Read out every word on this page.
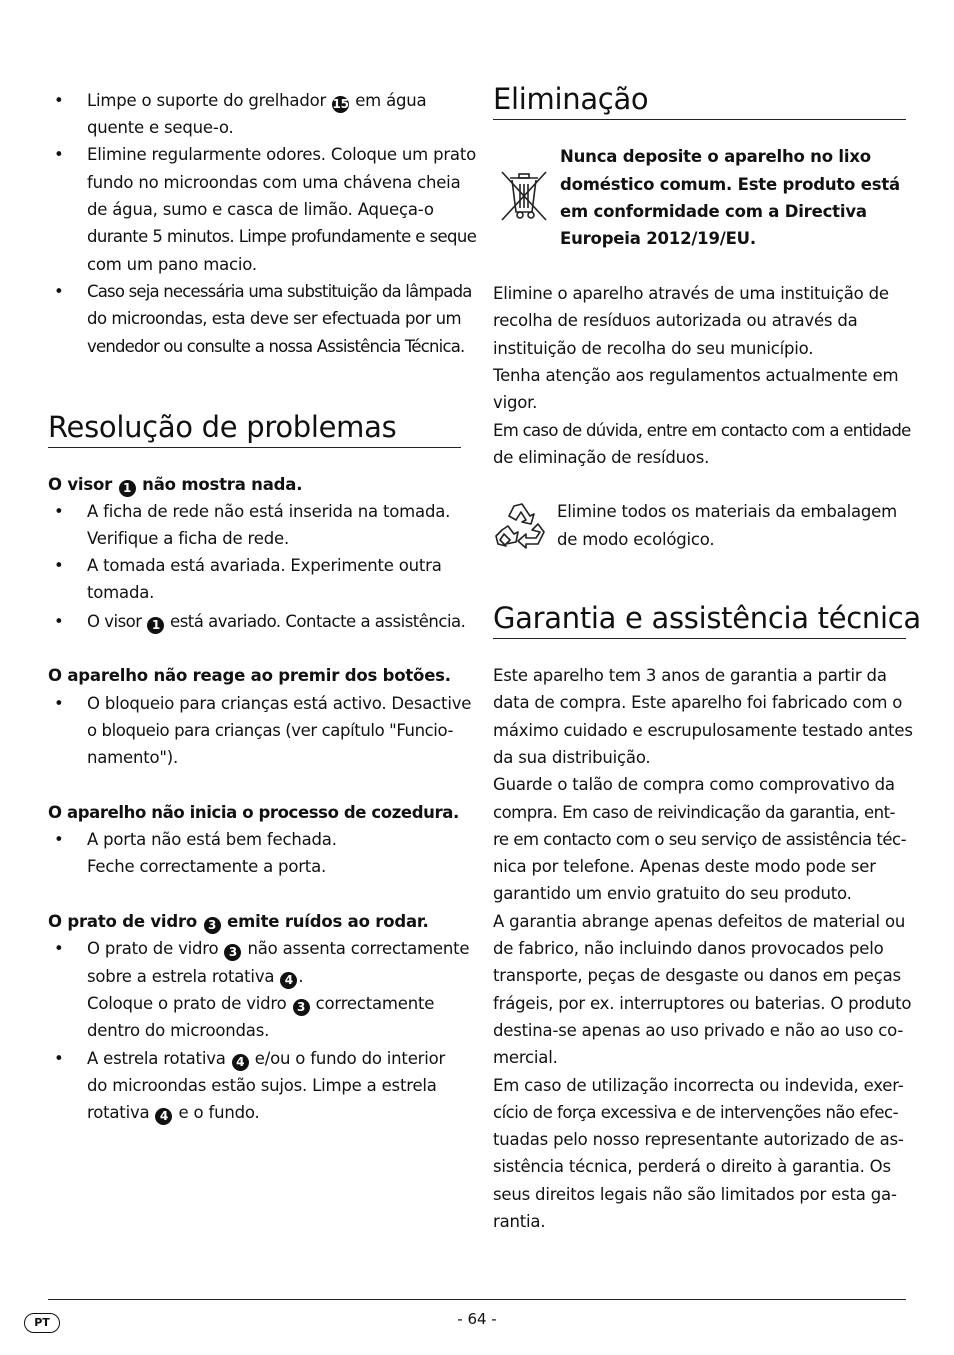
• Limpe o suporte do grelhador 15 em água
quente e seque-o.
• Elimine regularmente odores. Coloque um prato
fundo no microondas com uma chávena cheia
de água, sumo e casca de limão. Aqueça-o
durante 5 minutos. Limpe profundamente e seque
com um pano macio.
• Caso seja necessária uma substituição da lâmpada
do microondas, esta deve ser efectuada por um
vendedor ou consulte a nossa Assistência Técnica.
Resolução de problemas
O visor 1 não mostra nada.
• A ficha de rede não está inserida na tomada.
Verifique a ficha de rede.
• A tomada está avariada. Experimente outra
tomada.
• O visor 1 está avariado. Contacte a assistência.
O aparelho não reage ao premir dos botões.
• O bloqueio para crianças está activo. Desactive
o bloqueio para crianças (ver capítulo "Funcio-
namento").
O aparelho não inicia o processo de cozedura.
• A porta não está bem fechada.
Feche correctamente a porta.
O prato de vidro 3 emite ruídos ao rodar.
• O prato de vidro 3 não assenta correctamente
sobre a estrela rotativa 4 .
Coloque o prato de vidro 3 correctamente
dentro do microondas.
• A estrela rotativa 4 e/ou o fundo do interior
do microondas estão sujos. Limpe a estrela
rotativa 4 e o fundo.
Eliminação
Nunca deposite o aparelho no lixo
doméstico comum. Este produto está
em conformidade com a Directiva
Europeia 2012/19/EU.
Elimine o aparelho através de uma instituição de
recolha de resíduos autorizada ou através da
instituição de recolha do seu município.
Tenha atenção aos regulamentos actualmente em
vigor.
Em caso de dúvida, entre em contacto com a entidade
de eliminação de resíduos.
Elimine todos os materiais da embalagem
de modo ecológico.
Garantia e assistência técnica
Este aparelho tem 3 anos de garantia a partir da
data de compra. Este aparelho foi fabricado com o
máximo cuidado e escrupulosamente testado antes
da sua distribuição.
Guarde o talão de compra como comprovativo da
compra. Em caso de reivindicação da garantia, ent-
re em contacto com o seu serviço de assistência téc-
nica por telefone. Apenas deste modo pode ser
garantido um envio gratuito do seu produto.
A garantia abrange apenas defeitos de material ou
de fabrico, não incluindo danos provocados pelo
transporte, peças de desgaste ou danos em peças
frágeis, por ex. interruptores ou baterias. O produto
destina-se apenas ao uso privado e não ao uso co-
mercial.
Em caso de utilização incorrecta ou indevida, exer-
cício de força excessiva e de intervenções não efec-
tuadas pelo nosso representante autorizado de as-
sistência técnica, perderá o direito à garantia. Os
seus direitos legais não são limitados por esta ga-
rantia.
PT	- 64 -
